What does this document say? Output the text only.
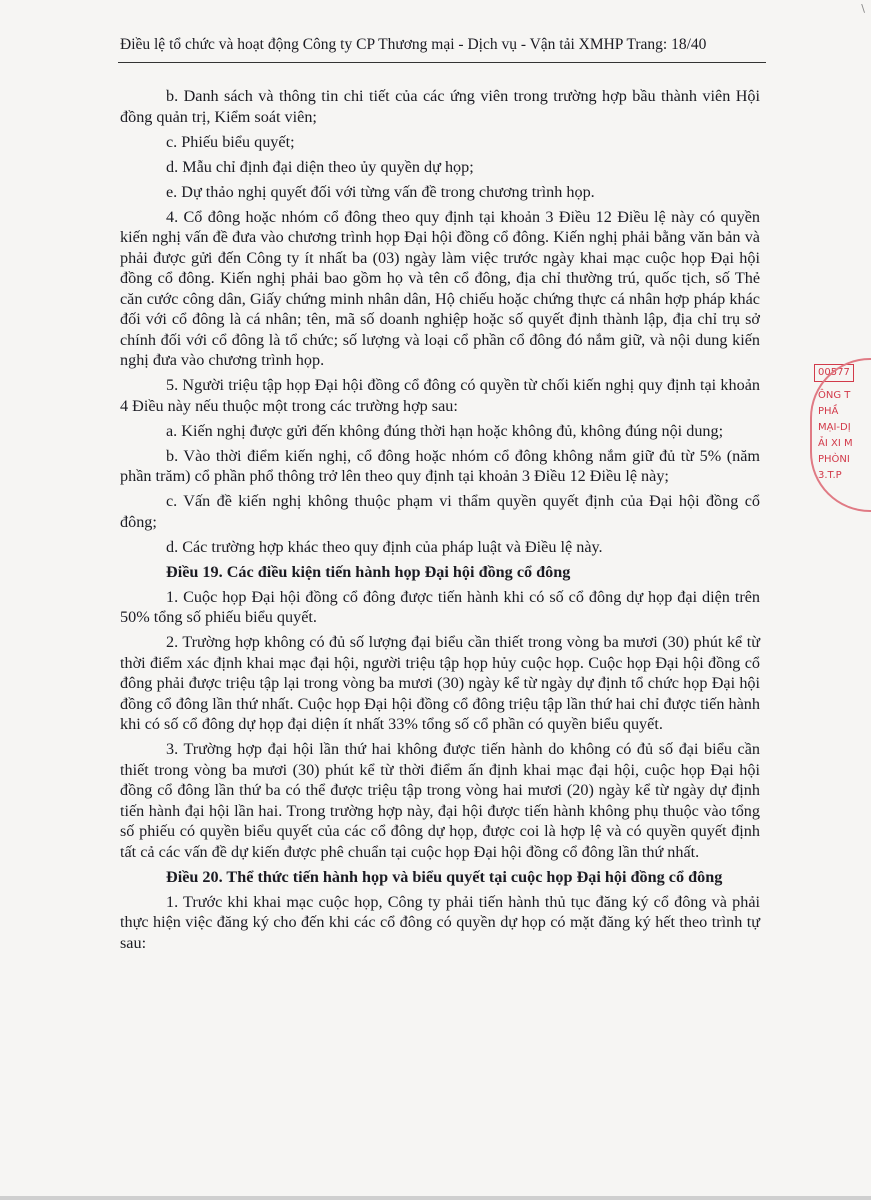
Điều lệ tổ chức và hoạt động Công ty CP Thương mại - Dịch vụ - Vận tải XMHP Trang: 18/40

b. Danh sách và thông tin chi tiết của các ứng viên trong trường hợp bầu thành viên Hội đồng quản trị, Kiểm soát viên;

c. Phiếu biểu quyết;

d. Mẫu chỉ định đại diện theo ủy quyền dự họp;

e. Dự thảo nghị quyết đối với từng vấn đề trong chương trình họp.

4. Cổ đông hoặc nhóm cổ đông theo quy định tại khoản 3 Điều 12 Điều lệ này có quyền kiến nghị vấn đề đưa vào chương trình họp Đại hội đồng cổ đông. Kiến nghị phải bằng văn bản và phải được gửi đến Công ty ít nhất ba (03) ngày làm việc trước ngày khai mạc cuộc họp Đại hội đồng cổ đông. Kiến nghị phải bao gồm họ và tên cổ đông, địa chỉ thường trú, quốc tịch, số Thẻ căn cước công dân, Giấy chứng minh nhân dân, Hộ chiếu hoặc chứng thực cá nhân hợp pháp khác đối với cổ đông là cá nhân; tên, mã số doanh nghiệp hoặc số quyết định thành lập, địa chỉ trụ sở chính đối với cổ đông là tổ chức; số lượng và loại cổ phần cổ đông đó nắm giữ, và nội dung kiến nghị đưa vào chương trình họp.

5. Người triệu tập họp Đại hội đồng cổ đông có quyền từ chối kiến nghị quy định tại khoản 4 Điều này nếu thuộc một trong các trường hợp sau:

a. Kiến nghị được gửi đến không đúng thời hạn hoặc không đủ, không đúng nội dung;

b. Vào thời điểm kiến nghị, cổ đông hoặc nhóm cổ đông không nắm giữ đủ từ 5% (năm phần trăm) cổ phần phổ thông trở lên theo quy định tại khoản 3 Điều 12 Điều lệ này;

c. Vấn đề kiến nghị không thuộc phạm vi thẩm quyền quyết định của Đại hội đồng cổ đông;

d. Các trường hợp khác theo quy định của pháp luật và Điều lệ này.

Điều 19. Các điều kiện tiến hành họp Đại hội đồng cổ đông

1. Cuộc họp Đại hội đồng cổ đông được tiến hành khi có số cổ đông dự họp đại diện trên 50% tổng số phiếu biểu quyết.

2. Trường hợp không có đủ số lượng đại biểu cần thiết trong vòng ba mươi (30) phút kể từ thời điểm xác định khai mạc đại hội, người triệu tập họp hủy cuộc họp. Cuộc họp Đại hội đồng cổ đông phải được triệu tập lại trong vòng ba mươi (30) ngày kể từ ngày dự định tổ chức họp Đại hội đồng cổ đông lần thứ nhất. Cuộc họp Đại hội đồng cổ đông triệu tập lần thứ hai chỉ được tiến hành khi có số cổ đông dự họp đại diện ít nhất 33% tổng số cổ phần có quyền biểu quyết.

3. Trường hợp đại hội lần thứ hai không được tiến hành do không có đủ số đại biểu cần thiết trong vòng ba mươi (30) phút kể từ thời điểm ấn định khai mạc đại hội, cuộc họp Đại hội đồng cổ đông lần thứ ba có thể được triệu tập trong vòng hai mươi (20) ngày kể từ ngày dự định tiến hành đại hội lần hai. Trong trường hợp này, đại hội được tiến hành không phụ thuộc vào tổng số phiếu có quyền biểu quyết của các cổ đông dự họp, được coi là hợp lệ và có quyền quyết định tất cả các vấn đề dự kiến được phê chuẩn tại cuộc họp Đại hội đồng cổ đông lần thứ nhất.

Điều 20. Thể thức tiến hành họp và biểu quyết tại cuộc họp Đại hội đồng cổ đông

1. Trước khi khai mạc cuộc họp, Công ty phải tiến hành thủ tục đăng ký cổ đông và phải thực hiện việc đăng ký cho đến khi các cổ đông có quyền dự họp có mặt đăng ký hết theo trình tự sau:

00577
ÔNG T
PHẦ
MẠI-DỊ
ẢI XI M
PHÒNI
3.T.P
\
